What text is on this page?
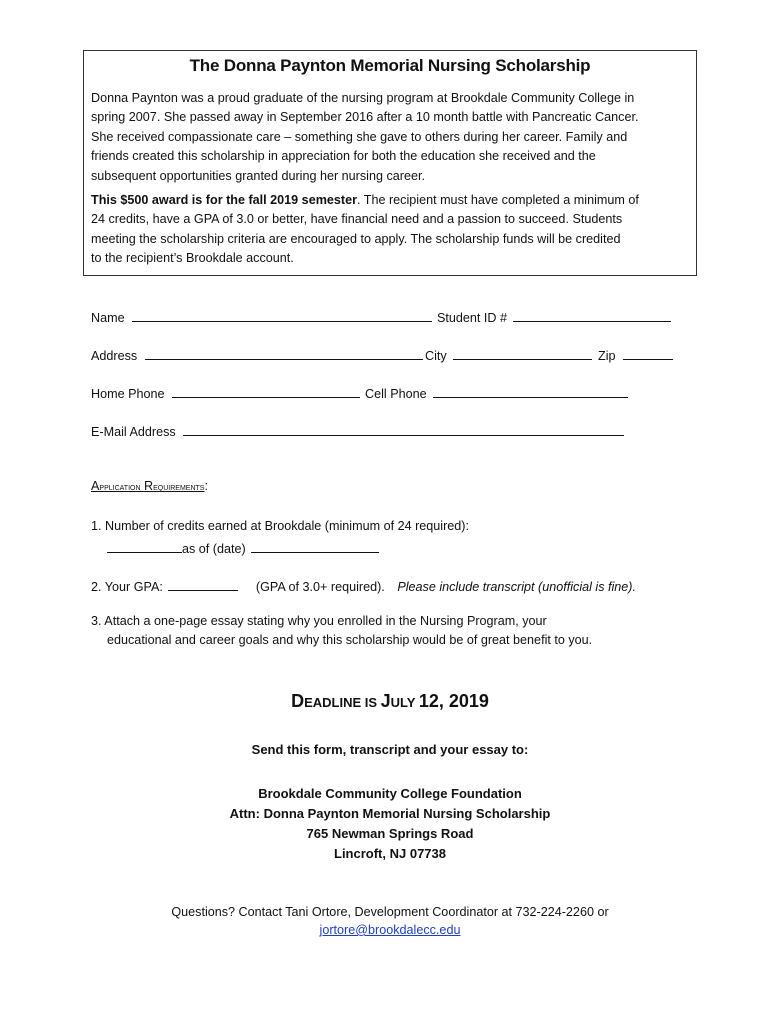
The Donna Paynton Memorial Nursing Scholarship
Donna Paynton was a proud graduate of the nursing program at Brookdale Community College in
spring 2007. She passed away in September 2016 after a 10 month battle with Pancreatic Cancer.
She received compassionate care – something she gave to others during her career. Family and
friends created this scholarship in appreciation for both the education she received and the
subsequent opportunities granted during her nursing career.
This $500 award is for the fall 2019 semester. The recipient must have completed a minimum of
24 credits, have a GPA of 3.0 or better, have financial need and a passion to succeed. Students
meeting the scholarship criteria are encouraged to apply. The scholarship funds will be credited
to the recipient’s Brookdale account.
Name	Student ID #
Address	City	Zip
Home Phone	Cell Phone
E-Mail Address
Application Requirements:
1. Number of credits earned at Brookdale (minimum of 24 required):
as of (date)
2. Your GPA:	(GPA of 3.0+ required). Please include transcript (unofficial is fine).
3. Attach a one-page essay stating why you enrolled in the Nursing Program, your
educational and career goals and why this scholarship would be of great benefit to you.
DEADLINE IS JULY 12, 2019
Send this form, transcript and your essay to:
Brookdale Community College Foundation
Attn: Donna Paynton Memorial Nursing Scholarship
765 Newman Springs Road
Lincroft, NJ 07738
Questions? Contact Tani Ortore, Development Coordinator at 732-224-2260 or
jortore@brookdalecc.edu
